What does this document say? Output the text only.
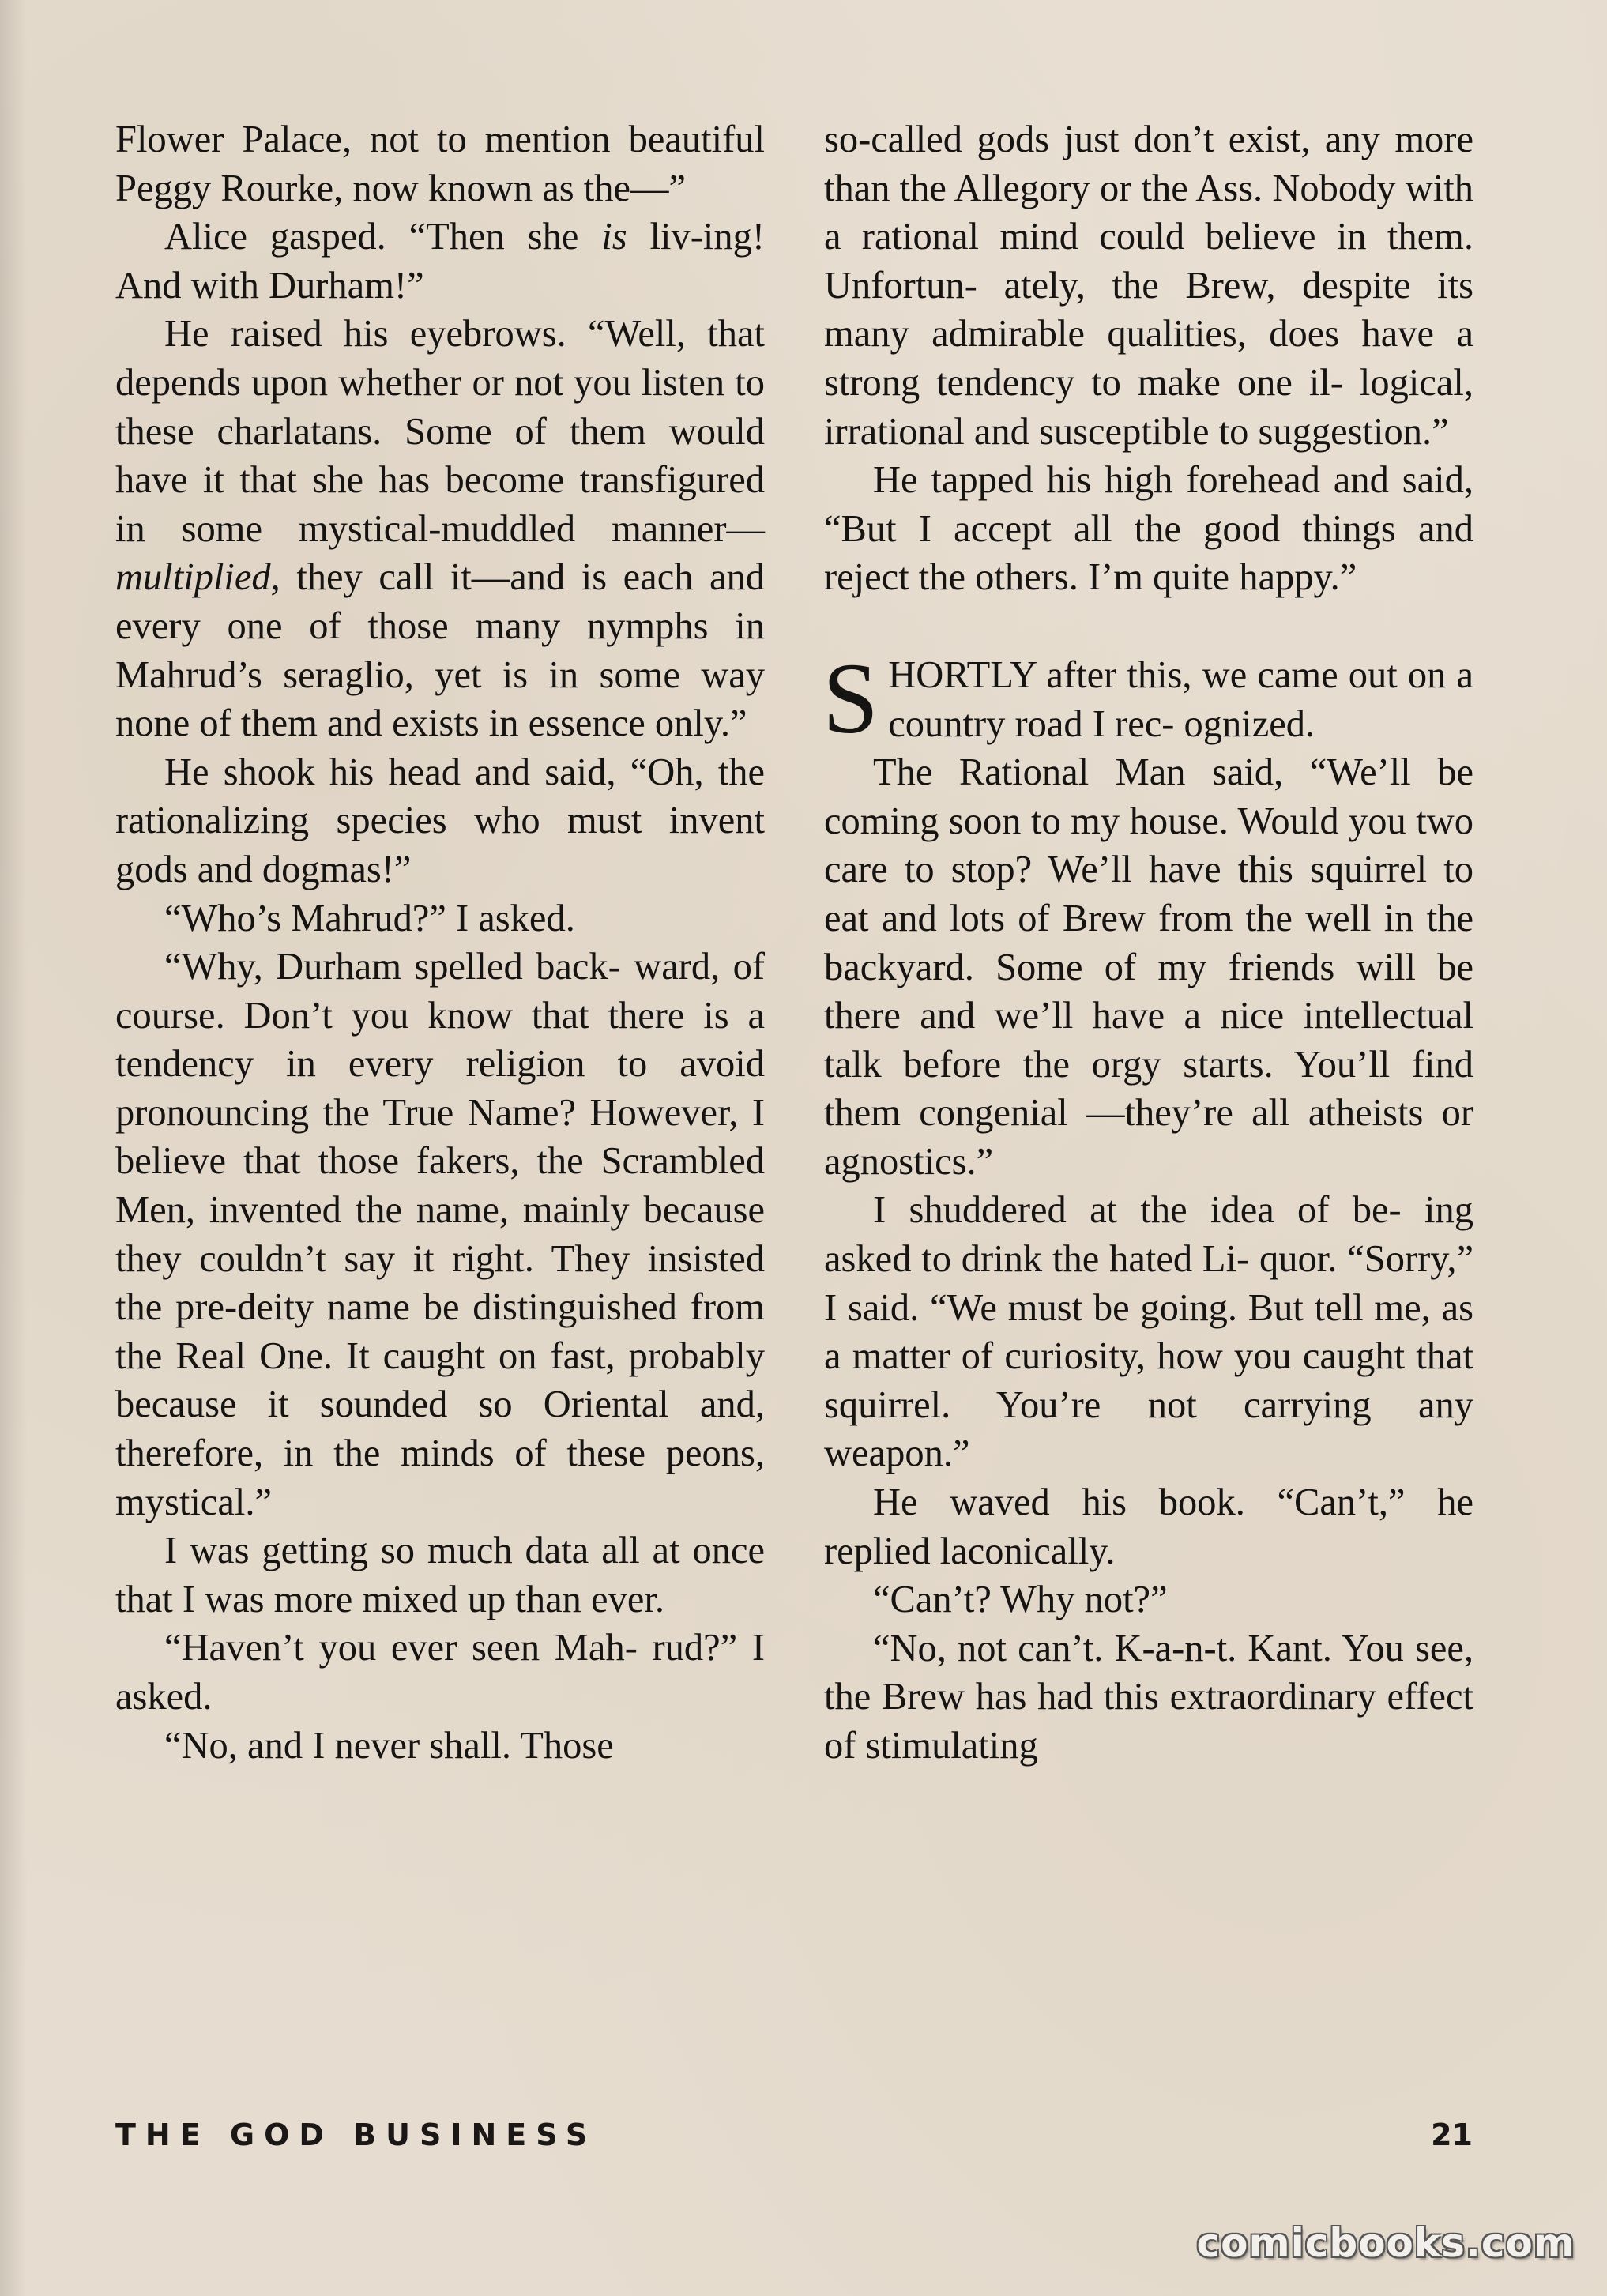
Flower Palace, not to mention beautiful Peggy Rourke, now known as the—”

Alice gasped. “Then she is liv-ing! And with Durham!”

He raised his eyebrows. “Well, that depends upon whether or not you listen to these charlatans. Some of them would have it that she has become transfigured in some mystical-muddled manner— multiplied, they call it—and is each and every one of those many nymphs in Mahrud’s seraglio, yet is in some way none of them and exists in essence only.”

He shook his head and said, “Oh, the rationalizing species who must invent gods and dogmas!”

“Who’s Mahrud?” I asked.

“Why, Durham spelled back- ward, of course. Don’t you know that there is a tendency in every religion to avoid pronouncing the True Name? However, I believe that those fakers, the Scrambled Men, invented the name, mainly because they couldn’t say it right. They insisted the pre-deity name be distinguished from the Real One. It caught on fast, probably because it sounded so Oriental and, therefore, in the minds of these peons, mystical.”

I was getting so much data all at once that I was more mixed up than ever.

“Haven’t you ever seen Mah- rud?” I asked.

“No, and I never shall. Those

so-called gods just don’t exist, any more than the Allegory or the Ass. Nobody with a rational mind could believe in them. Unfortun- ately, the Brew, despite its many admirable qualities, does have a strong tendency to make one il- logical, irrational and susceptible to suggestion.”

He tapped his high forehead and said, “But I accept all the good things and reject the others. I’m quite happy.”

SHORTLY after this, we came out on a country road I rec- ognized.

The Rational Man said, “We’ll be coming soon to my house. Would you two care to stop? We’ll have this squirrel to eat and lots of Brew from the well in the backyard. Some of my friends will be there and we’ll have a nice intellectual talk before the orgy starts. You’ll find them congenial —they’re all atheists or agnostics.”

I shuddered at the idea of be- ing asked to drink the hated Li- quor. “Sorry,” I said. “We must be going. But tell me, as a matter of curiosity, how you caught that squirrel. You’re not carrying any weapon.”

He waved his book. “Can’t,” he replied laconically.

“Can’t? Why not?”

“No, not can’t. K-a-n-t. Kant. You see, the Brew has had this extraordinary effect of stimulating

THE GOD BUSINESS	21
comicbooks.com
